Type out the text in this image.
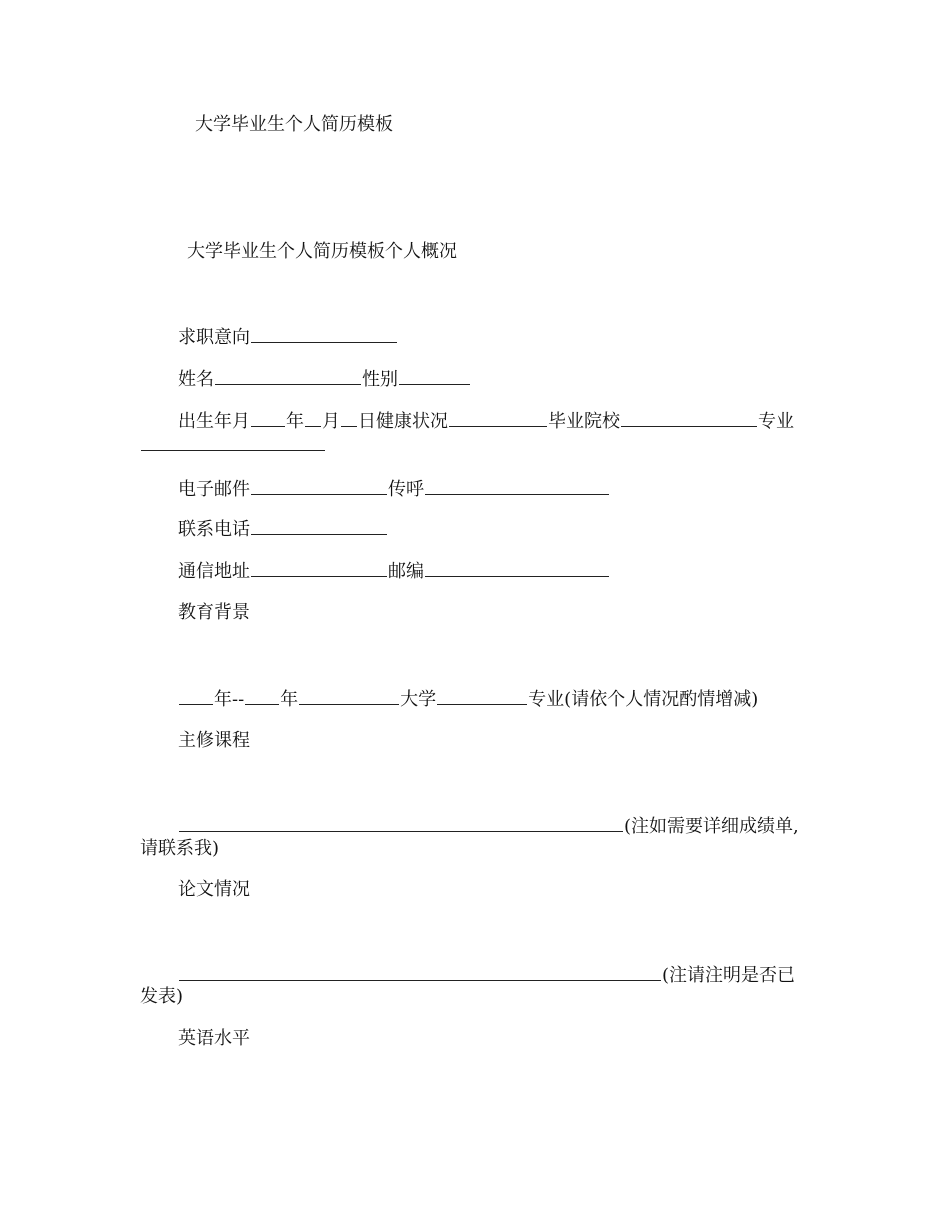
大学毕业生个人简历模板
大学毕业生个人简历模板个人概况
求职意向
姓名	性别
出生年月 年 月 日健康状况	毕业院校	专业
电子邮件	传呼
联系电话
通信地址	邮编
教育背景
年-- 年	大学	专业(请依个人情况酌情增减)
主修课程
(注如需要详细成绩单,
请联系我)
论文情况
(注请注明是否已
发表)
英语水平
